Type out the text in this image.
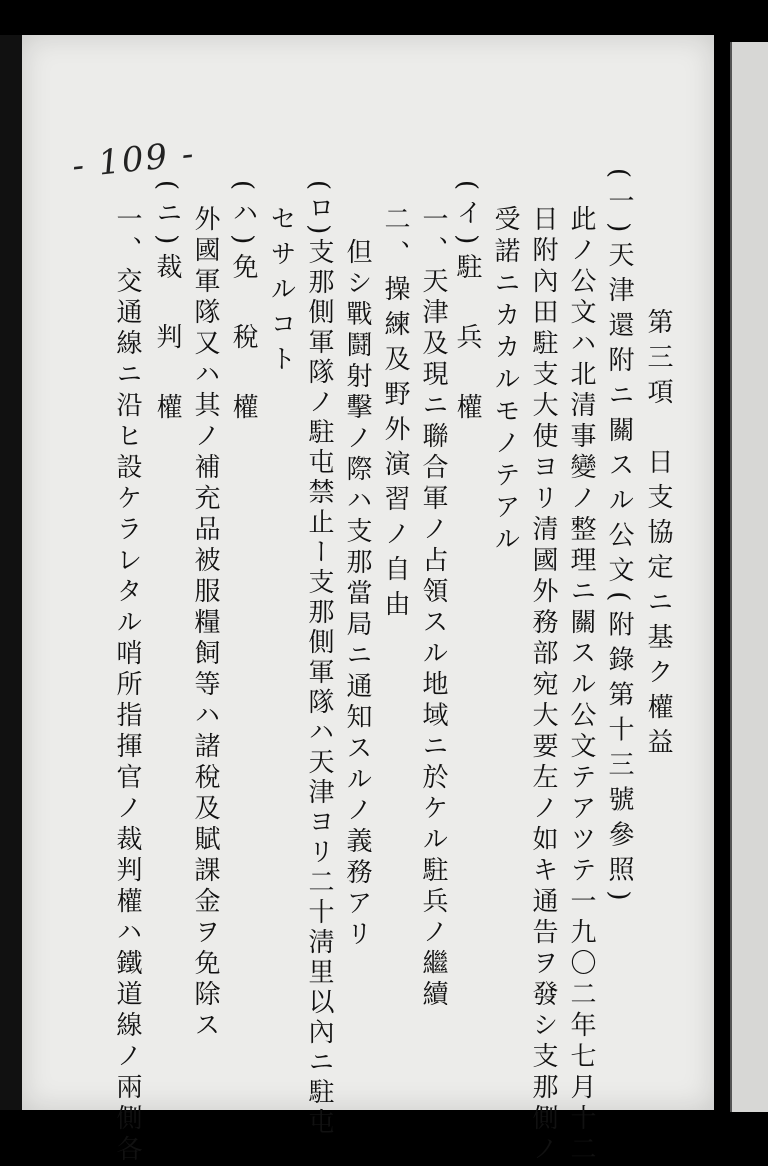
- 109 -
第三項　日支協定ニ基ク權益
(一)天津還附ニ關スル公文(附錄第十三號參照)
此ノ公文ハ北清事變ノ整理ニ關スル公文テアツテ一九〇二年七月十二
日附內田駐支大使ヨリ清國外務部宛大要左ノ如キ通告ヲ發シ支那側ノ
受諾ニカカルモノテアル
(イ)駐　兵　權
一、天津及現ニ聯合軍ノ占領スル地域ニ於ケル駐兵ノ繼續
二、操練及野外演習ノ自由
但シ戰鬪射擊ノ際ハ支那當局ニ通知スルノ義務アリ
(ロ)支那側軍隊ノ駐屯禁止ー支那側軍隊ハ天津ヨリ二十淸里以內ニ駐屯
セサルコト
(ハ)免　稅　權
外國軍隊又ハ其ノ補充品被服糧飼等ハ諸稅及賦課金ヲ免除ス
(ニ)裁　判　權
一、交通線ニ沿ヒ設ケラレタル哨所指揮官ノ裁判權ハ鐵道線ノ兩側各
